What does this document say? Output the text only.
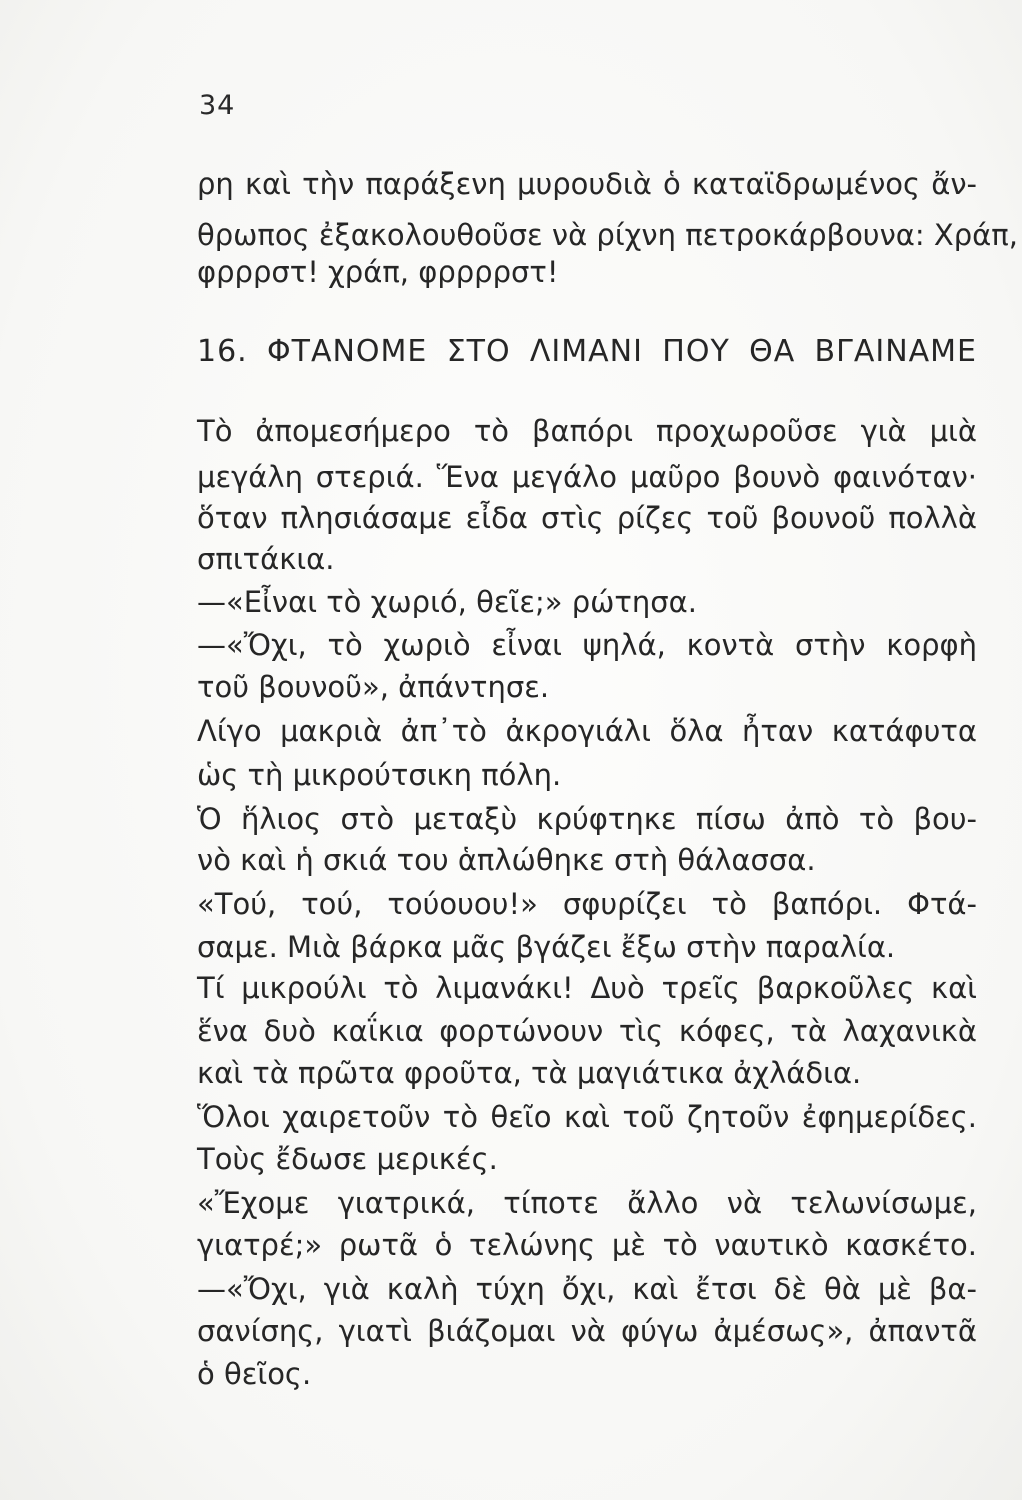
34
ρη καὶ τὴν παράξενη μυρουδιὰ ὁ καταϊδρωμένος ἄν-
θρωπος ἐξακολουθοῦσε νὰ ρίχνη πετροκάρβουνα: Χράπ,
φρρρστ! χράπ, φρρρρστ!
16. ΦΤΑΝΟΜΕ ΣΤΟ ΛΙΜΑΝΙ ΠΟΥ ΘΑ ΒΓΑΙΝΑΜΕ
Τὸ ἀπομεσήμερο τὸ βαπόρι προχωροῦσε γιὰ μιὰ
μεγάλη στεριά. Ἕνα μεγάλο μαῦρο βουνὸ φαινόταν·
ὅταν πλησιάσαμε εἶδα στὶς ρίζες τοῦ βουνοῦ πολλὰ
σπιτάκια.
—«Εἶναι τὸ χωριό, θεῖε;» ρώτησα.
—«Ὄχι, τὸ χωριὸ εἶναι ψηλά, κοντὰ στὴν κορφὴ
τοῦ βουνοῦ», ἀπάντησε.
Λίγο μακριὰ ἀπ᾽τὸ ἀκρογιάλι ὅλα ἦταν κατάφυτα
ὡς τὴ μικρούτσικη πόλη.
Ὁ ἥλιος στὸ μεταξὺ κρύφτηκε πίσω ἀπὸ τὸ βου-
νὸ καὶ ἡ σκιά του ἁπλώθηκε στὴ θάλασσα.
«Τού, τού, τούουου!» σφυρίζει τὸ βαπόρι. Φτά-
σαμε. Μιὰ βάρκα μᾶς βγάζει ἔξω στὴν παραλία.
Τί μικρούλι τὸ λιμανάκι! Δυὸ τρεῖς βαρκοῦλες καὶ
ἕνα δυὸ καΐκια φορτώνουν τὶς κόφες, τὰ λαχανικὰ
καὶ τὰ πρῶτα φροῦτα, τὰ μαγιάτικα ἀχλάδια.
Ὅλοι χαιρετοῦν τὸ θεῖο καὶ τοῦ ζητοῦν ἐφημερίδες.
Τοὺς ἔδωσε μερικές.
«Ἔχομε γιατρικά, τίποτε ἄλλο νὰ τελωνίσωμε,
γιατρέ;» ρωτᾶ ὁ τελώνης μὲ τὸ ναυτικὸ κασκέτο.
—«Ὄχι, γιὰ καλὴ τύχη ὄχι, καὶ ἔτσι δὲ θὰ μὲ βα-
σανίσης, γιατὶ βιάζομαι νὰ φύγω ἀμέσως», ἀπαντᾶ
ὁ θεῖος.
